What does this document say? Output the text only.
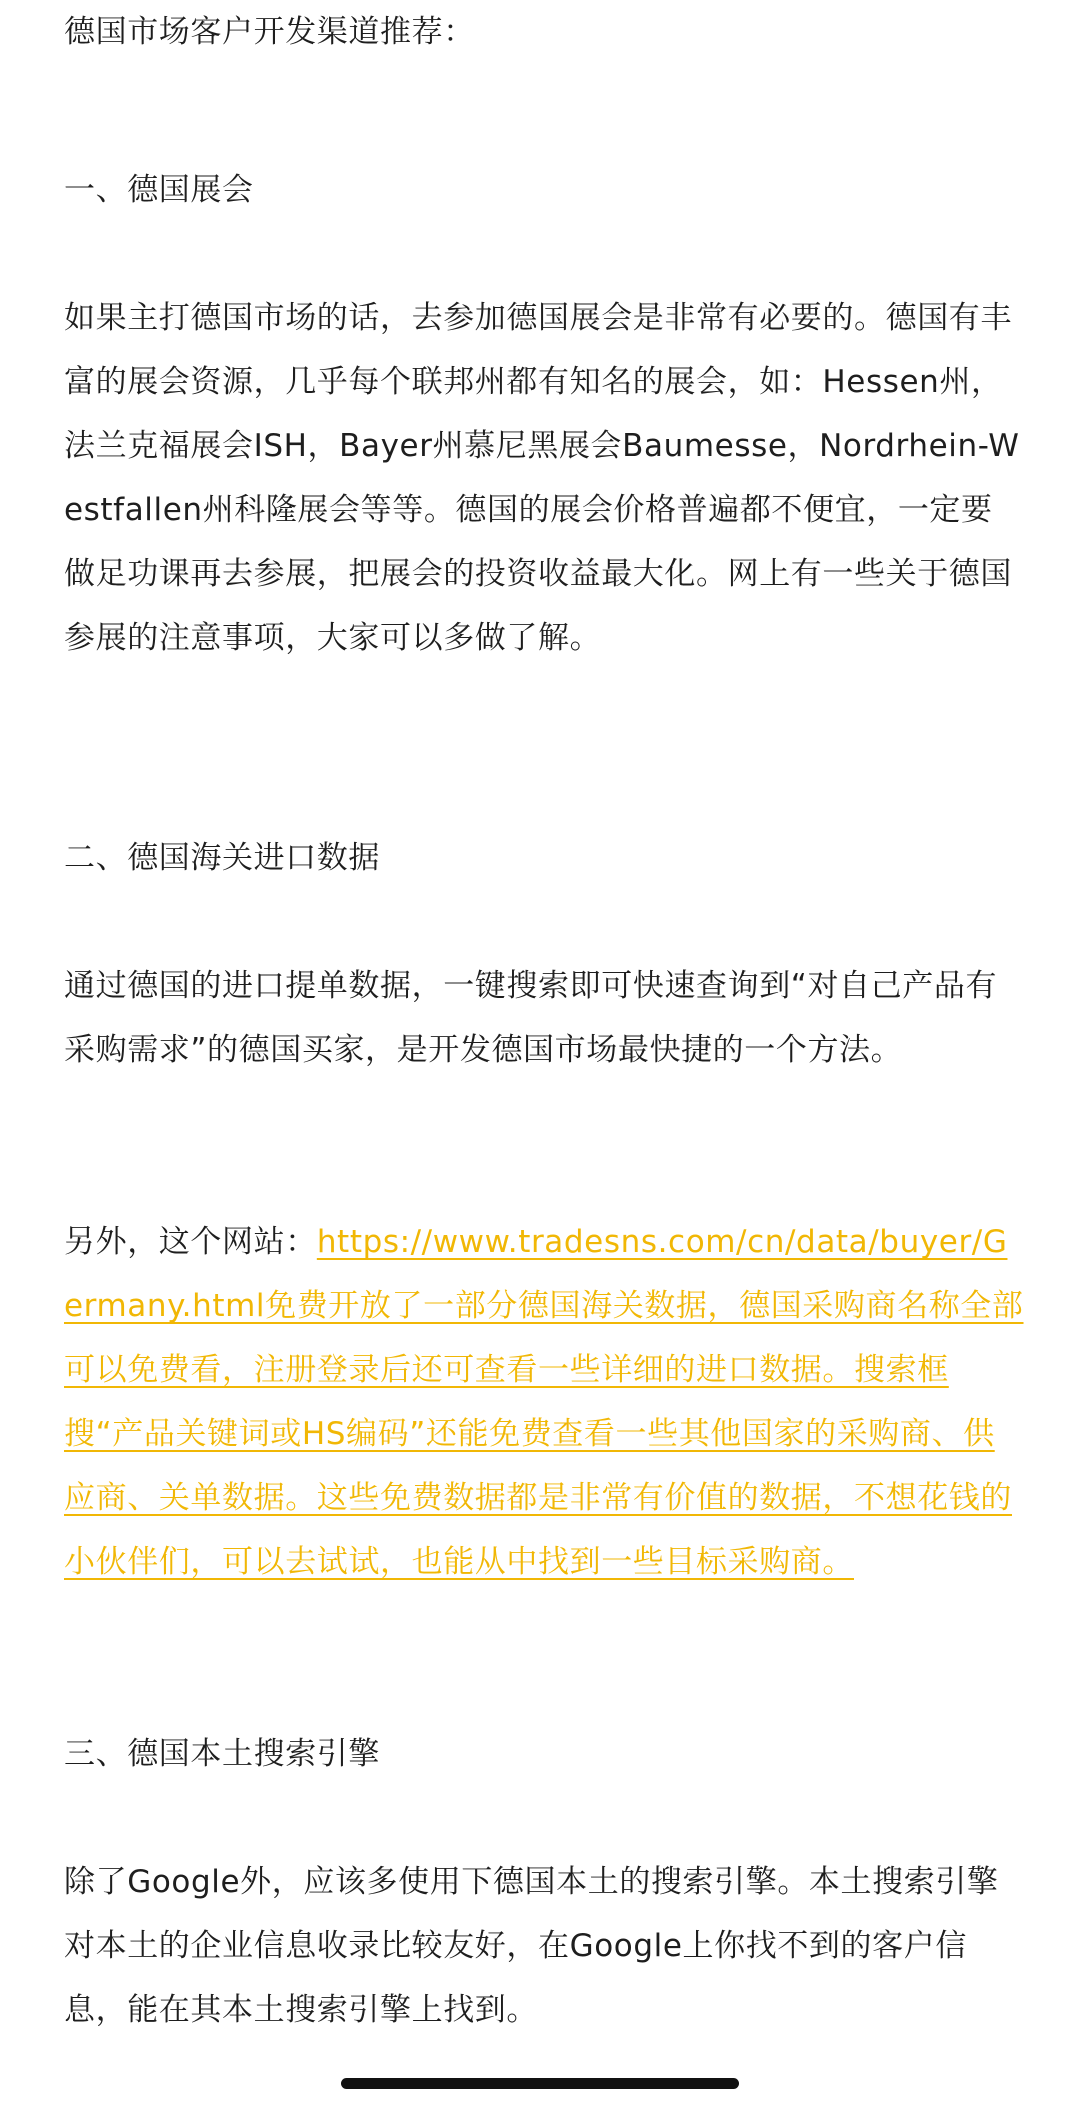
德国市场客户开发渠道推荐：

一、德国展会

如果主打德国市场的话，去参加德国展会是非常有必要的。德国有丰富的展会资源，几乎每个联邦州都有知名的展会，如：Hessen州，法兰克福展会ISH，Bayer州慕尼黑展会Baumesse，Nordrhein-Westfallen州科隆展会等等。德国的展会价格普遍都不便宜，一定要做足功课再去参展，把展会的投资收益最大化。网上有一些关于德国参展的注意事项，大家可以多做了解。

二、德国海关进口数据

通过德国的进口提单数据，一键搜索即可快速查询到“对自己产品有采购需求”的德国买家，是开发德国市场最快捷的一个方法。

另外，这个网站：https://www.tradesns.com/cn/data/buyer/Germany.html免费开放了一部分德国海关数据，德国采购商名称全部可以免费看，注册登录后还可查看一些详细的进口数据。搜索框搜“产品关键词或HS编码”还能免费查看一些其他国家的采购商、供应商、关单数据。这些免费数据都是非常有价值的数据，不想花钱的小伙伴们，可以去试试，也能从中找到一些目标采购商。

三、德国本土搜索引擎

除了Google外，应该多使用下德国本土的搜索引擎。本土搜索引擎对本土的企业信息收录比较友好，在Google上你找不到的客户信息，能在其本土搜索引擎上找到。
